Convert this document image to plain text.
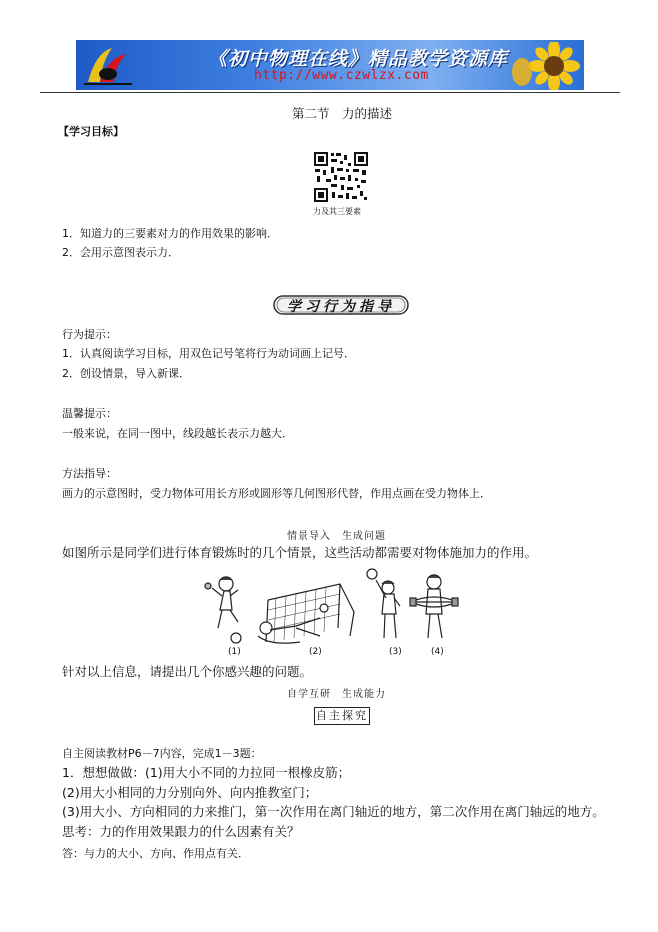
《初中物理在线》精品教学资源库
http://www.czwlzx.com
第二节　力的描述
【学习目标】
力及其三要素
1．知道力的三要素对力的作用效果的影响．
2．会用示意图表示力．
学习行为指导
行为提示：
1．认真阅读学习目标，用双色记号笔将行为动词画上记号．
2．创设情景，导入新课．
温馨提示：
一般来说，在同一图中，线段越长表示力越大．
方法指导：
画力的示意图时，受力物体可用长方形或圆形等几何图形代替，作用点画在受力物体上．
情景导入　生成问题
如图所示是同学们进行体育锻炼时的几个情景，这些活动都需要对物体施加力的作用。
(1)	(2)	(3)	(4)
针对以上信息，请提出几个你感兴趣的问题。
自学互研　生成能力
自主探究
自主阅读教材P6－7内容，完成1－3题：
1．想想做做：(1)用大小不同的力拉同一根橡皮筋；
(2)用大小相同的力分别向外、向内推教室门；
(3)用大小、方向相同的力来推门，第一次作用在离门轴近的地方，第二次作用在离门轴远的地方。
思考：力的作用效果跟力的什么因素有关？
答：与力的大小、方向、作用点有关．
